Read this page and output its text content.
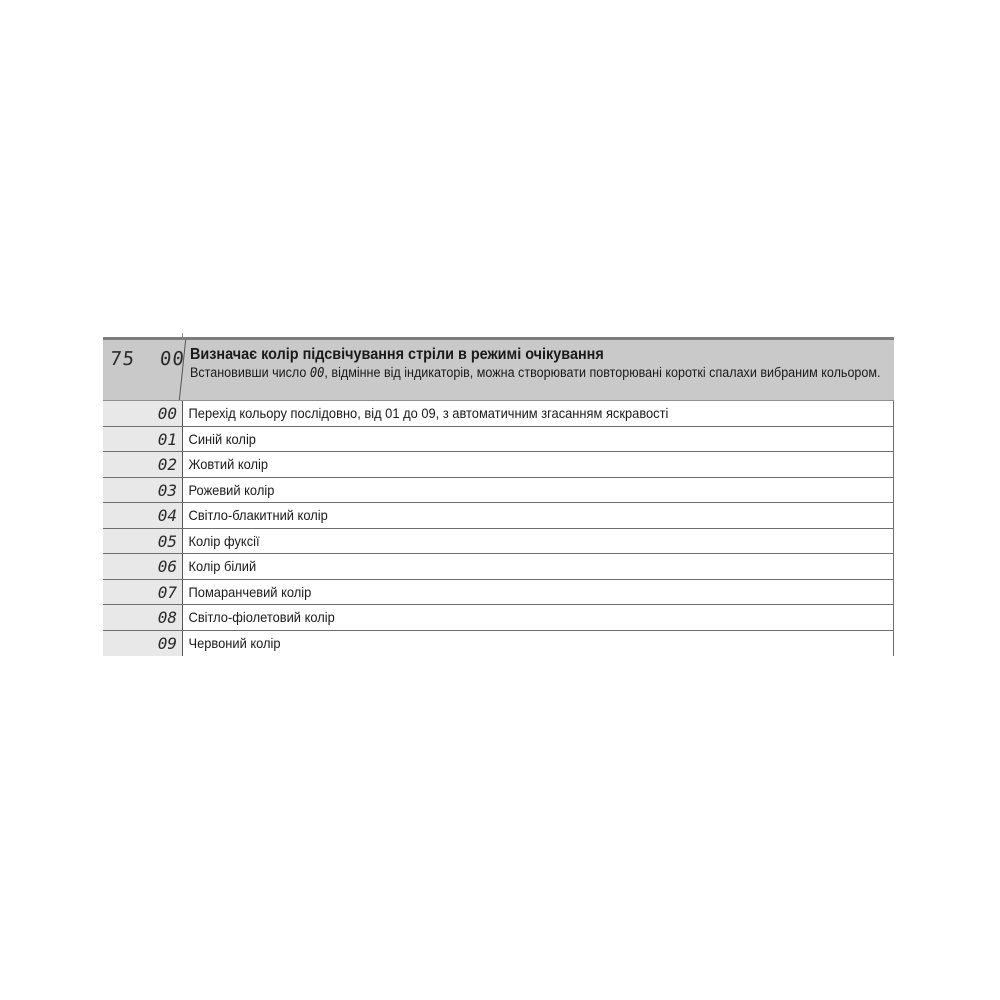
75  00 Визначає колір підсвічування стріли в режимі очікування
Встановивши число 00, відмінне від індикаторів, можна створювати повторювані короткі спалахи вибраним кольором.
00 Перехід кольору послідовно, від 01 до 09, з автоматичним згасанням яскравості
01 Синій колір
02 Жовтий колір
03 Рожевий колір
04 Світло-блакитний колір
05 Колір фуксії
06 Колір білий
07 Помаранчевий колір
08 Світло-фіолетовий колір
09 Червоний колір
